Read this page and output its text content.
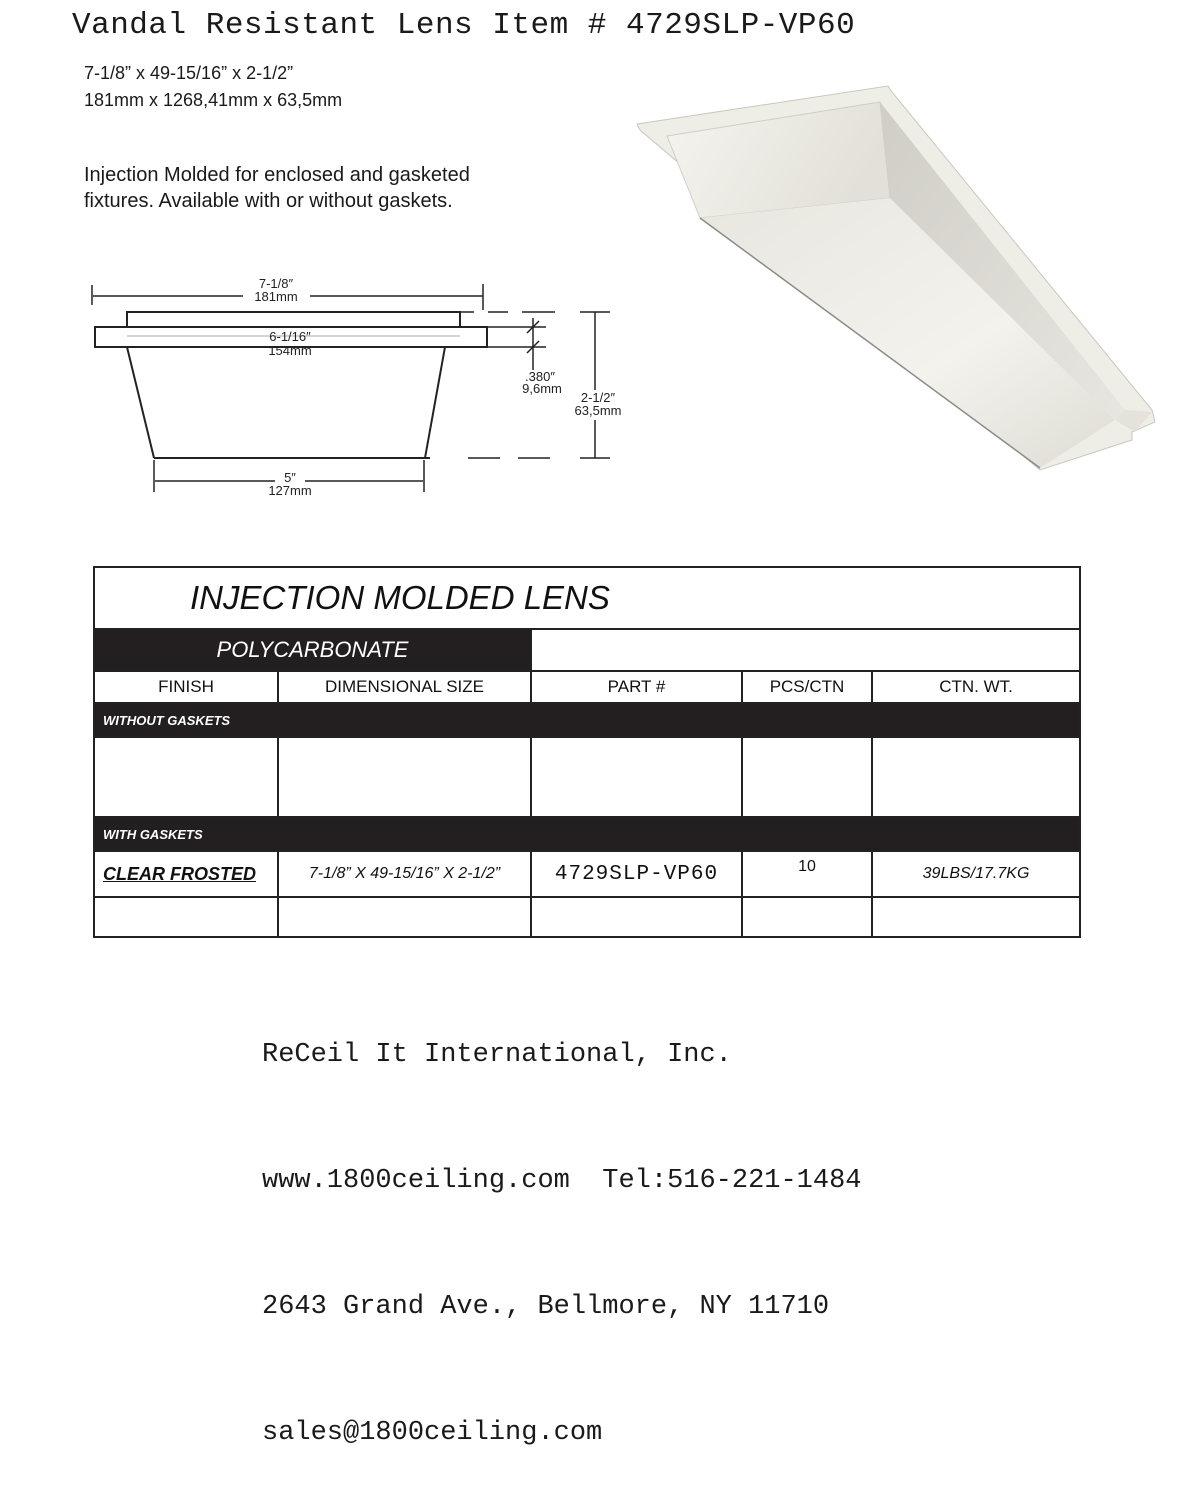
Vandal Resistant Lens Item # 4729SLP-VP60
7-1/8” x 49-15/16” x 2-1/2”
181mm x 1268,41mm x 63,5mm
Injection Molded for enclosed and gasketed
fixtures. Available with or without gaskets.
7-1/8″
181mm
6-1/16″
154mm
5″
127mm
.380″
9,6mm
2-1/2″
63,5mm
INJECTION MOLDED LENS				
POLYCARBONATE				
FINISH	DIMENSIONAL SIZE	PART #	PCS/CTN	CTN. WT.
WITHOUT GASKETS				

WITH GASKETS				
CLEAR FROSTED	7-1/8” X 49-15/16” X 2-1/2”	4729SLP-VP60	10	39LBS/17.7KG

ReCeil It International, Inc.

www.1800ceiling.com  Tel:516-221-1484

2643 Grand Ave., Bellmore, NY 11710

sales@1800ceiling.com
